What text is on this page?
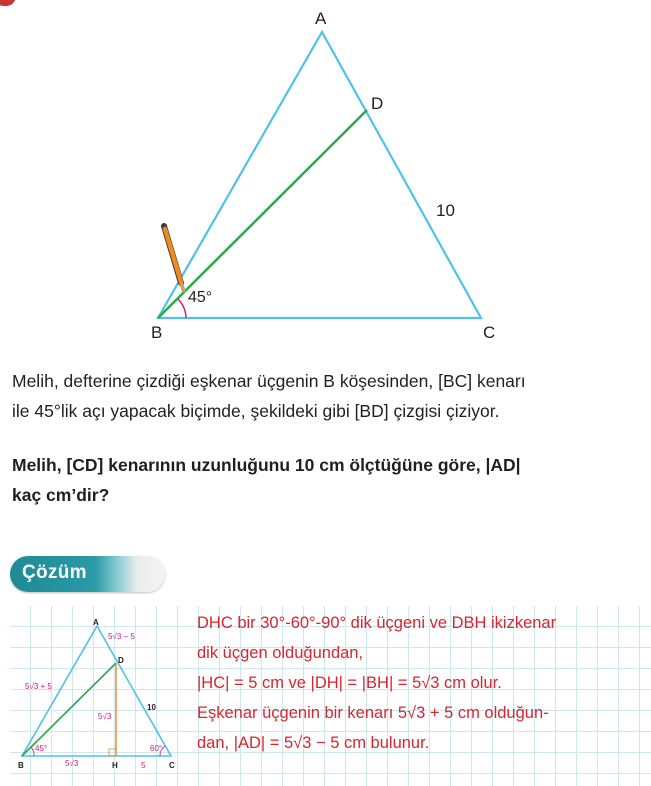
A
D
10
45°
B	C
Melih, defterine çizdiği eşkenar üçgenin B köşesinden, [BC] kenarı
ile 45°lik açı yapacak biçimde, şekildeki gibi [BD] çizgisi çiziyor.
Melih, [CD] kenarının uzunluğunu 10 cm ölçtüğüne göre, |AD|
kaç cm’dir?
Çözüm
A
5√3 − 5
D
5√3 + 5
5√3
10
45°	60°
B	5√3	H	5	C
DHC bir 30°-60°-90° dik üçgeni ve DBH ikizkenar
dik üçgen olduğundan,
|HC| = 5 cm ve |DH| = |BH| = 5√3 cm olur.
Eşkenar üçgenin bir kenarı 5√3 + 5 cm olduğun-
dan, |AD| = 5√3 − 5 cm bulunur.
